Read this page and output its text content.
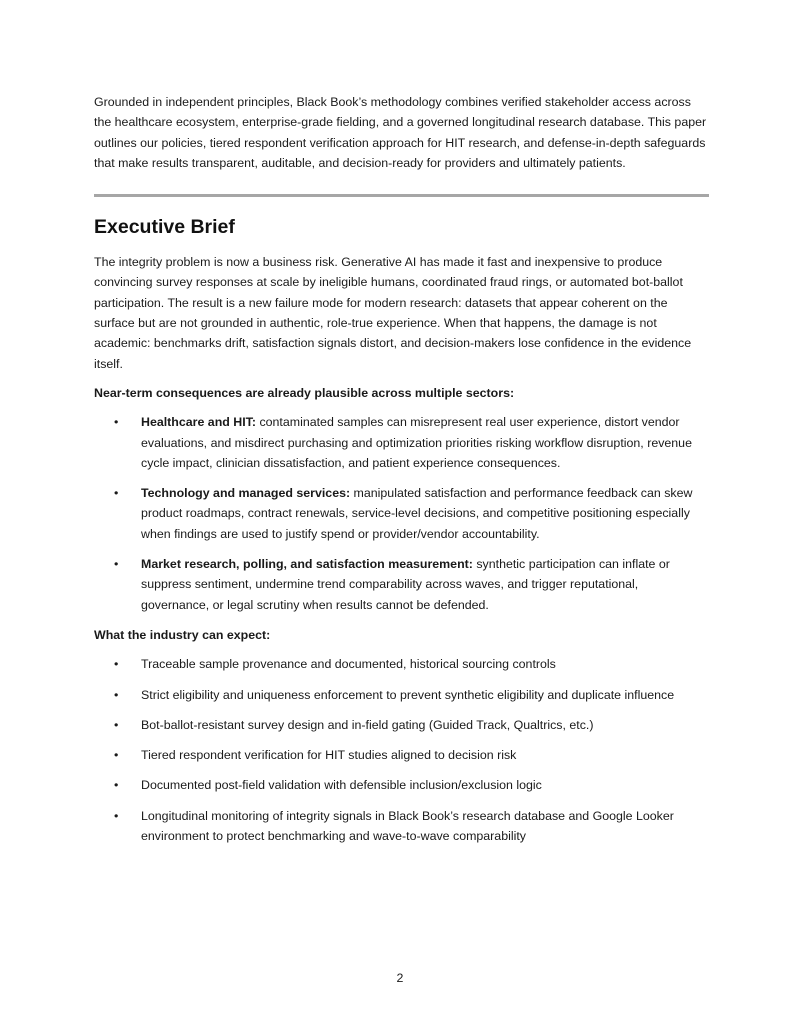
Grounded in independent principles, Black Book’s methodology combines verified stakeholder access across the healthcare ecosystem, enterprise-grade fielding, and a governed longitudinal research database. This paper outlines our policies, tiered respondent verification approach for HIT research, and defense-in-depth safeguards that make results transparent, auditable, and decision-ready for providers and ultimately patients.

Executive Brief

The integrity problem is now a business risk. Generative AI has made it fast and inexpensive to produce convincing survey responses at scale by ineligible humans, coordinated fraud rings, or automated bot-ballot participation. The result is a new failure mode for modern research: datasets that appear coherent on the surface but are not grounded in authentic, role-true experience. When that happens, the damage is not academic: benchmarks drift, satisfaction signals distort, and decision-makers lose confidence in the evidence itself.

Near-term consequences are already plausible across multiple sectors:

• Healthcare and HIT: contaminated samples can misrepresent real user experience, distort vendor evaluations, and misdirect purchasing and optimization priorities risking workflow disruption, revenue cycle impact, clinician dissatisfaction, and patient experience consequences.
• Technology and managed services: manipulated satisfaction and performance feedback can skew product roadmaps, contract renewals, service-level decisions, and competitive positioning especially when findings are used to justify spend or provider/vendor accountability.
• Market research, polling, and satisfaction measurement: synthetic participation can inflate or suppress sentiment, undermine trend comparability across waves, and trigger reputational, governance, or legal scrutiny when results cannot be defended.

What the industry can expect:

• Traceable sample provenance and documented, historical sourcing controls
• Strict eligibility and uniqueness enforcement to prevent synthetic eligibility and duplicate influence
• Bot-ballot-resistant survey design and in-field gating (Guided Track, Qualtrics, etc.)
• Tiered respondent verification for HIT studies aligned to decision risk
• Documented post-field validation with defensible inclusion/exclusion logic
• Longitudinal monitoring of integrity signals in Black Book’s research database and Google Looker environment to protect benchmarking and wave-to-wave comparability
2
